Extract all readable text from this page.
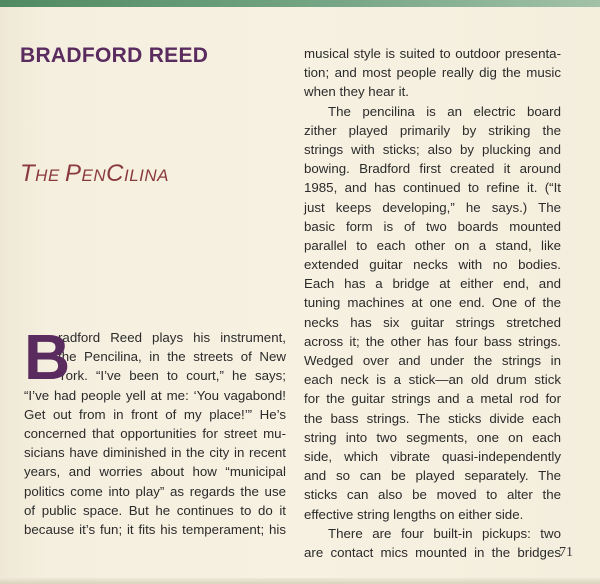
BRADFORD REED
THE PENCILINA
B
radford Reed plays his instrument,
the Pencilina, in the streets of New
York. “I’ve been to court,” he says;
“I’ve had people yell at me: ‘You vagabond!
Get out from in front of my place!’” He’s
concerned that opportunities for street mu-
sicians have diminished in the city in recent
years, and worries about how “municipal
politics come into play” as regards the use
of public space. But he continues to do it
because it’s fun; it fits his temperament; his
musical style is suited to outdoor presenta-
tion; and most people really dig the music
when they hear it.
The pencilina is an electric board
zither played primarily by striking the
strings with sticks; also by plucking and
bowing. Bradford first created it around
1985, and has continued to refine it. (“It
just keeps developing,” he says.) The
basic form is of two boards mounted
parallel to each other on a stand, like
extended guitar necks with no bodies.
Each has a bridge at either end, and
tuning machines at one end. One of the
necks has six guitar strings stretched
across it; the other has four bass strings.
Wedged over and under the strings in
each neck is a stick—an old drum stick
for the guitar strings and a metal rod for
the bass strings. The sticks divide each
string into two segments, one on each
side, which vibrate quasi-independently
and so can be played separately. The
sticks can also be moved to alter the
effective string lengths on either side.
There are four built-in pickups: two
are contact mics mounted in the bridges
71
